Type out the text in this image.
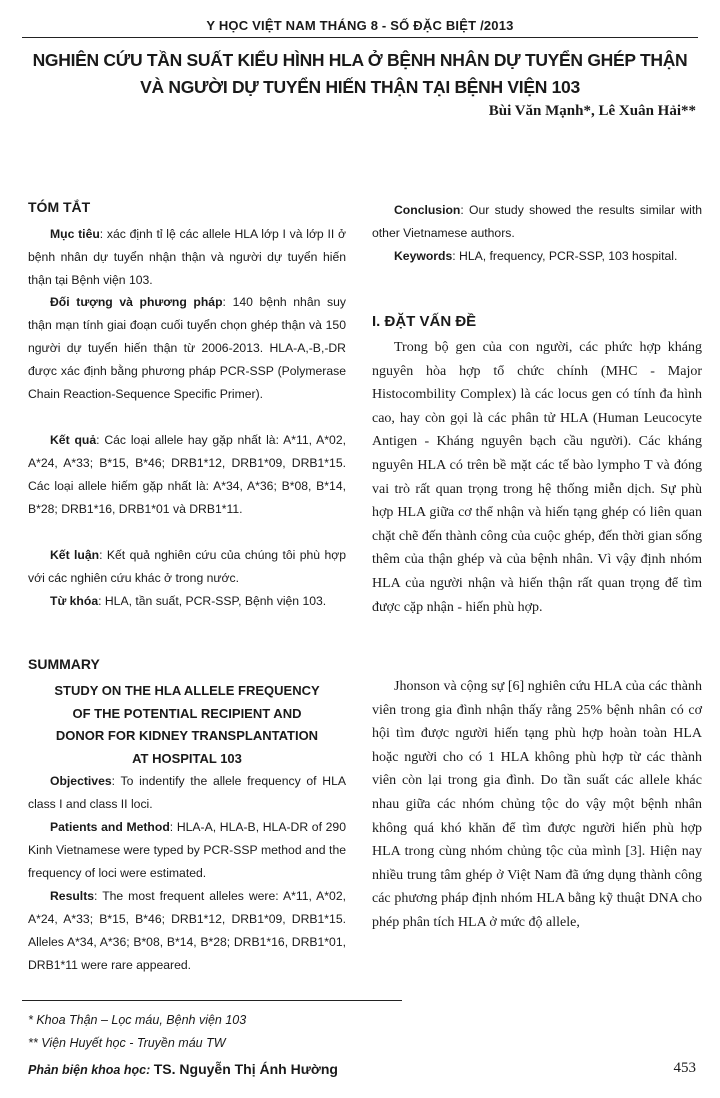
Y HỌC VIỆT NAM THÁNG 8 - SỐ ĐẶC BIỆT /2013
NGHIÊN CỨU TẦN SUẤT KIỂU HÌNH HLA Ở BỆNH NHÂN DỰ TUYỂN GHÉP THẬN
VÀ NGƯỜI DỰ TUYỂN HIẾN THẬN TẠI BỆNH VIỆN 103
Bùi Văn Mạnh*, Lê Xuân Hải**
TÓM TẮT

Mục tiêu: xác định tỉ lệ các allele HLA lớp I và lớp II ở bệnh nhân dự tuyển nhận thận và người dự tuyển hiến thận tại Bệnh viện 103.

Đối tượng và phương pháp: 140 bệnh nhân suy thận mạn tính giai đoạn cuối tuyển chọn ghép thận và 150 người dự tuyển hiến thận từ 2006-2013. HLA-A,-B,-DR được xác định bằng phương pháp PCR-SSP (Polymerase Chain Reaction-Sequence Specific Primer).

Kết quả: Các loại allele hay gặp nhất là: A*11, A*02, A*24, A*33; B*15, B*46; DRB1*12, DRB1*09, DRB1*15. Các loại allele hiếm gặp nhất là: A*34, A*36; B*08, B*14, B*28; DRB1*16, DRB1*01 và DRB1*11.

Kết luận: Kết quả nghiên cứu của chúng tôi phù hợp với các nghiên cứu khác ở trong nước.

Từ khóa: HLA, tần suất, PCR-SSP, Bệnh viện 103.

SUMMARY
STUDY ON THE HLA ALLELE FREQUENCY
OF THE POTENTIAL RECIPIENT AND
DONOR FOR KIDNEY TRANSPLANTATION
AT HOSPITAL 103

Objectives: To indentify the allele frequency of HLA class I and class II loci.

Patients and Method: HLA-A, HLA-B, HLA-DR of 290 Kinh Vietnamese were typed by PCR-SSP method and the frequency of loci were estimated.

Results: The most frequent alleles were: A*11, A*02, A*24, A*33; B*15, B*46; DRB1*12, DRB1*09, DRB1*15. Alleles A*34, A*36; B*08, B*14, B*28; DRB1*16, DRB1*01, DRB1*11 were rare appeared.

Conclusion: Our study showed the results similar with other Vietnamese authors.

Keywords: HLA, frequency, PCR-SSP, 103 hospital.

I. ĐẶT VẤN ĐỀ

Trong bộ gen của con người, các phức hợp kháng nguyên hòa hợp tổ chức chính (MHC - Major Histocombility Complex) là các locus gen có tính đa hình cao, hay còn gọi là các phân tử HLA (Human Leucocyte Antigen - Kháng nguyên bạch cầu người). Các kháng nguyên HLA có trên bề mặt các tế bào lympho T và đóng vai trò rất quan trọng trong hệ thống miễn dịch. Sự phù hợp HLA giữa cơ thể nhận và hiến tạng ghép có liên quan chặt chẽ đến thành công của cuộc ghép, đến thời gian sống thêm của thận ghép và của bệnh nhân. Vì vậy định nhóm HLA của người nhận và hiến thận rất quan trọng để tìm được cặp nhận - hiến phù hợp.

Jhonson và cộng sự [6] nghiên cứu HLA của các thành viên trong gia đình nhận thấy rằng 25% bệnh nhân có cơ hội tìm được người hiến tạng phù hợp hoàn toàn HLA hoặc người cho có 1 HLA không phù hợp từ các thành viên còn lại trong gia đình. Do tần suất các allele khác nhau giữa các nhóm chủng tộc do vậy một bệnh nhân không quá khó khăn để tìm được người hiến phù hợp HLA trong cùng nhóm chủng tộc của mình [3]. Hiện nay nhiều trung tâm ghép ở Việt Nam đã ứng dụng thành công các phương pháp định nhóm HLA bằng kỹ thuật DNA cho phép phân tích HLA ở mức độ allele,

* Khoa Thận – Lọc máu, Bệnh viện 103
** Viện Huyết học - Truyền máu TW
Phản biện khoa học: TS. Nguyễn Thị Ánh Hường	453
